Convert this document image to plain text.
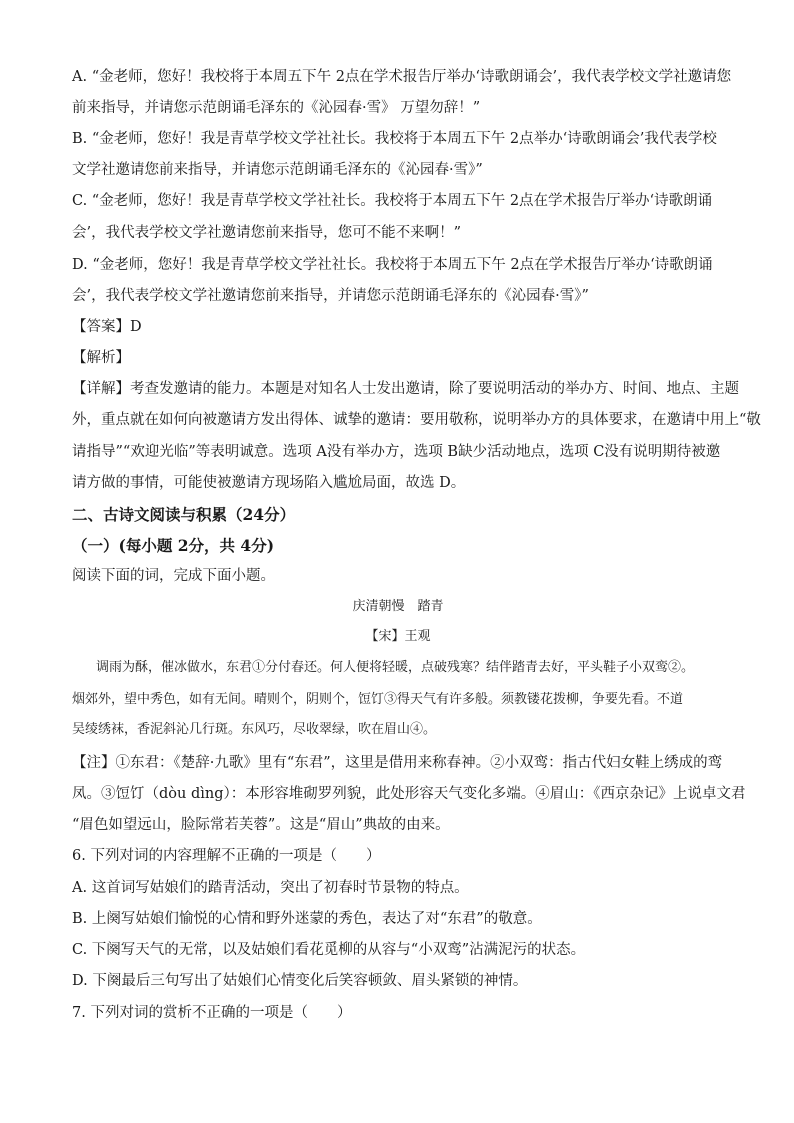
A. “金老师，您好！我校将于本周五下午 2点在学术报告厅举办‘诗歌朗诵会’，我代表学校文学社邀请您

前来指导，并请您示范朗诵毛泽东的《沁园春·雪》 万望勿辞！”

B. “金老师，您好！我是青草学校文学社社长。我校将于本周五下午 2点举办‘诗歌朗诵会’我代表学校

文学社邀请您前来指导，并请您示范朗诵毛泽东的《沁园春·雪》”

C. “金老师，您好！我是青草学校文学社社长。我校将于本周五下午 2点在学术报告厅举办‘诗歌朗诵

会’，我代表学校文学社邀请您前来指导，您可不能不来啊！”

D. “金老师，您好！我是青草学校文学社社长。我校将于本周五下午 2点在学术报告厅举办‘诗歌朗诵

会’，我代表学校文学社邀请您前来指导，并请您示范朗诵毛泽东的《沁园春·雪》”

【答案】D

【解析】

【详解】考查发邀请的能力。本题是对知名人士发出邀请，除了要说明活动的举办方、时间、地点、主题

外，重点就在如何向被邀请方发出得体、诚挚的邀请：要用敬称，说明举办方的具体要求，在邀请中用上“敬

请指导”“欢迎光临”等表明诚意。选项 A没有举办方，选项 B缺少活动地点，选项 C没有说明期待被邀

请方做的事情，可能使被邀请方现场陷入尴尬局面，故选 D。

二、古诗文阅读与积累（24分）

（一）(每小题 2分，共 4分)

阅读下面的词，完成下面小题。

庆清朝慢　踏青

【宋】王观

调雨为酥，催冰做水，东君①分付春还。何人便将轻暖，点破残寒？结伴踏青去好，平头鞋子小双鸾②。

烟郊外，望中秀色，如有无间。晴则个，阴则个，饾饤③得天气有许多般。须教镂花拨柳，争要先看。不道

吴绫绣袜，香泥斜沁几行斑。东风巧，尽收翠绿，吹在眉山④。

【注】①东君：《楚辞·九歌》里有“东君”，这里是借用来称春神。②小双鸾：指古代妇女鞋上绣成的鸾

凤。③饾饤（dòu dìng）：本形容堆砌罗列貌，此处形容天气变化多端。④眉山：《西京杂记》上说卓文君

“眉色如望远山，脸际常若芙蓉”。这是“眉山”典故的由来。

6. 下列对词的内容理解不正确的一项是（　　）

A. 这首词写姑娘们的踏青活动，突出了初春时节景物的特点。

B. 上阕写姑娘们愉悦的心情和野外迷蒙的秀色，表达了对“东君”的敬意。

C. 下阕写天气的无常，以及姑娘们看花觅柳的从容与“小双鸾”沾满泥污的状态。

D. 下阕最后三句写出了姑娘们心情变化后笑容顿敛、眉头紧锁的神情。

7. 下列对词的赏析不正确的一项是（　　）
